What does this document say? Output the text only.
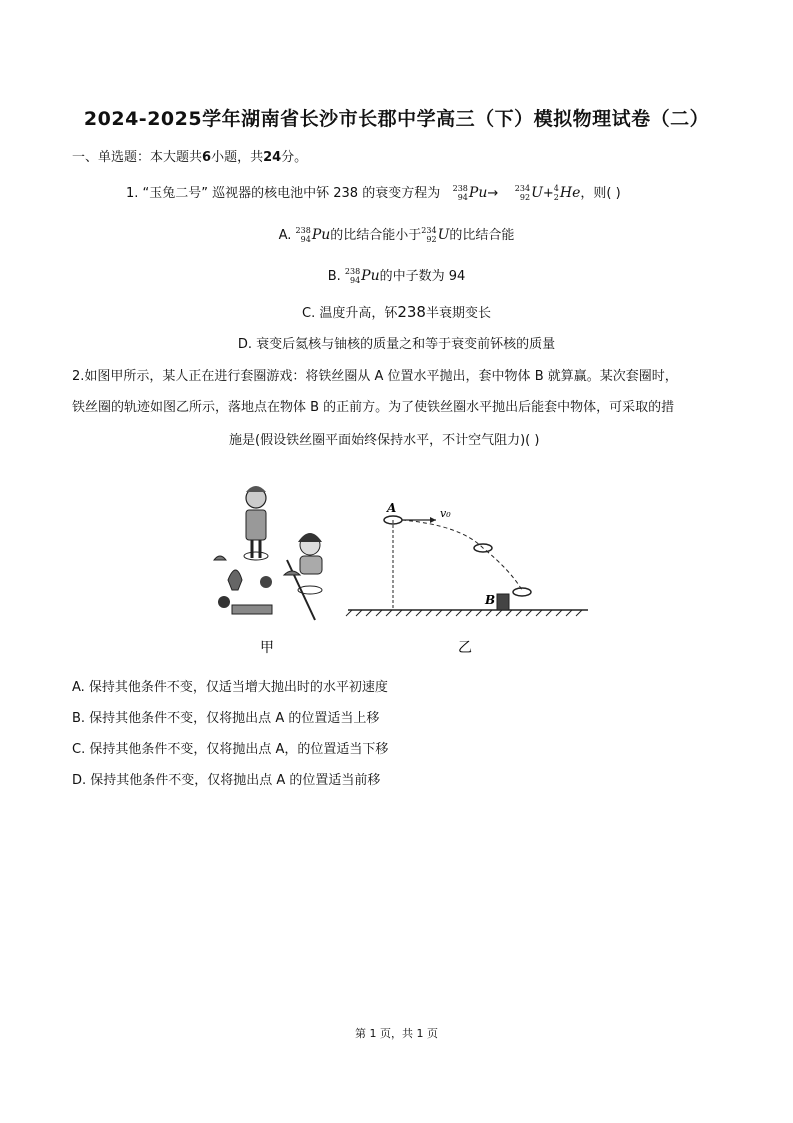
2024-2025学年湖南省长沙市长郡中学高三（下）模拟物理试卷（二）
一、单选题：本大题共6小题，共24分。
1. “玉兔二号” 巡视器的核电池中钚 238 的衰变方程为 238
94 Pu→ 234
92 U+ 4
2 He，则( )
A. 238
94 Pu的比结合能小于 234
92 U的比结合能
B. 238
94 Pu的中子数为 94
C. 温度升高，钚238半衰期变长
D. 衰变后氦核与铀核的质量之和等于衰变前钚核的质量
2.如图甲所示，某人正在进行套圈游戏：将铁丝圈从 A 位置水平抛出，套中物体 B 就算赢。某次套圈时，
铁丝圈的轨迹如图乙所示，落地点在物体 B 的正前方。为了使铁丝圈水平抛出后能套中物体，可采取的措
施是(假设铁丝圈平面始终保持水平，不计空气阻力)( )
甲
A	v₀
B
乙
A. 保持其他条件不变，仅适当增大抛出时的水平初速度
B. 保持其他条件不变，仅将抛出点 A 的位置适当上移
C. 保持其他条件不变，仅将抛出点 A，的位置适当下移
D. 保持其他条件不变，仅将抛出点 A 的位置适当前移
第 1 页，共 1 页
